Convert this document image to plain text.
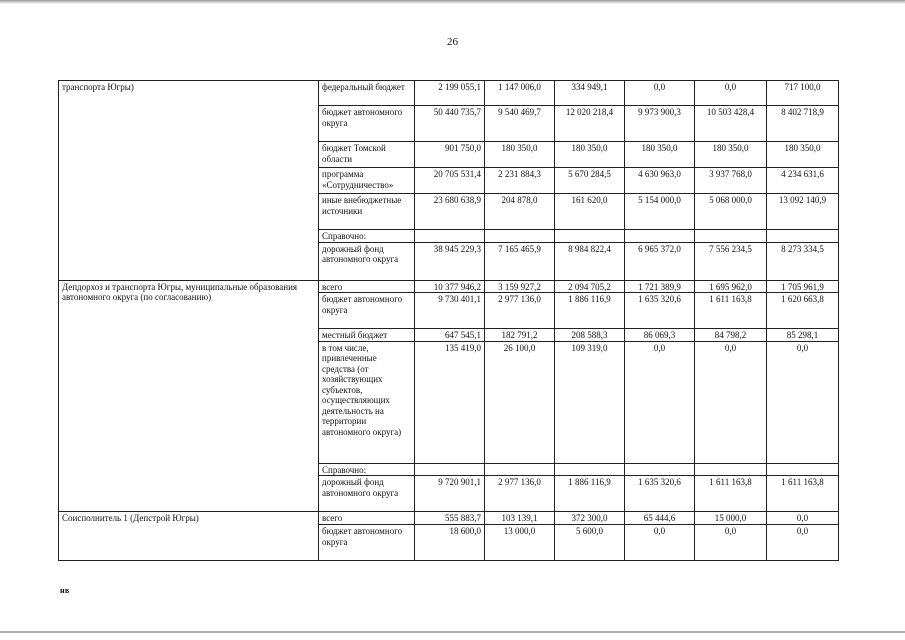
26
транспорта Югры)	федеральный бюджет	2 199 055,1	1 147 006,0	334 949,1	0,0	0,0	717 100,0
	бюджет автономного округа	50 440 735,7	9 540 469,7	12 020 218,4	9 973 900,3	10 503 428,4	8 402 718,9
	бюджет Томской области	901 750,0	180 350,0	180 350,0	180 350,0	180 350,0	180 350,0
	программа «Сотрудничество»	20 705 531,4	2 231 884,3	5 670 284,5	4 630 963,0	3 937 768,0	4 234 631,6
	иные внебюджетные источники	23 680 638,9	204 878,0	161 620,0	5 154 000,0	5 068 000,0	13 092 140,9
	Справочно:						
	дорожный фонд автономного округа	38 945 229,3	7 165 465,9	8 984 822,4	6 965 372,0	7 556 234,5	8 273 334,5
Депдорхоз и транспорта Югры, муниципальные образования автономного округа (по согласованию)	всего	10 377 946,2	3 159 927,2	2 094 705,2	1 721 389,9	1 695 962,0	1 705 961,9
	бюджет автономного округа	9 730 401,1	2 977 136,0	1 886 116,9	1 635 320,6	1 611 163,8	1 620 663,8
	местный бюджет	647 545,1	182 791,2	208 588,3	86 069,3	84 798,2	85 298,1
	в том числе, привлеченные средства (от хозяйствующих субъектов, осуществляющих деятельность на территории автономного округа)	135 419,0	26 100,0	109 319,0	0,0	0,0	0,0
	Справочно:						
	дорожный фонд автономного округа	9 720 901,1	2 977 136,0	1 886 116,9	1 635 320,6	1 611 163,8	1 611 163,8
Соисполнитель 1 (Депстрой Югры)	всего	555 883,7	103 139,1	372 300,0	65 444,6	15 000,0	0,0
	бюджет автономного округа	18 600,0	13 000,0	5 600,0	0,0	0,0	0,0
нв
